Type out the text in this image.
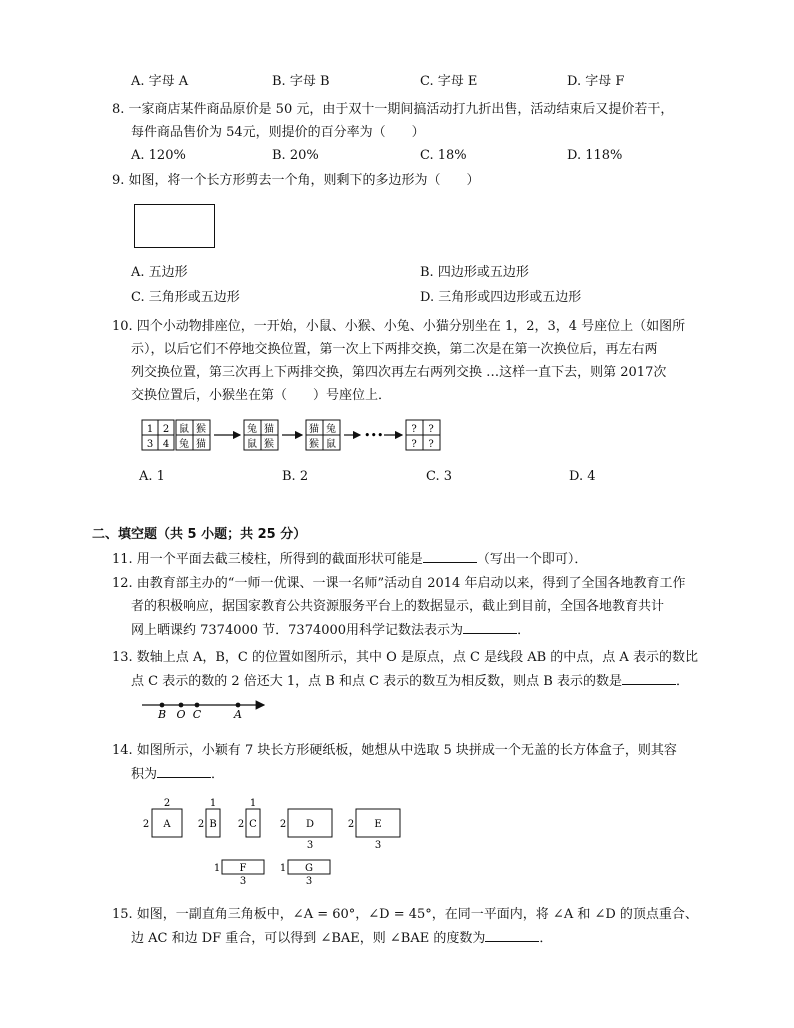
A. 字母 A	B. 字母 B	C. 字母 E	D. 字母 F
8. 一家商店某件商品原价是 50 元，由于双十一期间搞活动打九折出售，活动结束后又提价若干，
每件商品售价为 54元，则提价的百分率为（　　）
A. 120%	B. 20%	C. 18%	D. 118%
9. 如图，将一个长方形剪去一个角，则剩下的多边形为（　　）
A. 五边形	B. 四边形或五边形
C. 三角形或五边形	D. 三角形或四边形或五边形
10. 四个小动物排座位，一开始，小鼠、小猴、小兔、小猫分别坐在 1，2，3，4 号座位上（如图所
示），以后它们不停地交换位置，第一次上下两排交换，第二次是在第一次换位后，再左右两
列交换位置，第三次再上下两排交换，第四次再左右两列交换 …这样一直下去，则第 2017次
交换位置后，小猴坐在第（　　）号座位上．
1 2
3 4
鼠 猴
兔 猫
兔 猫
鼠 猴
猫 兔
猴 鼠
•••	? ?
? ?
A. 1	B. 2	C. 3	D. 4
二、填空题（共 5 小题；共 25 分）
11. 用一个平面去截三棱柱，所得到的截面形状可能是	（写出一个即可）．
12. 由教育部主办的“一师一优课、一课一名师”活动自 2014 年启动以来，得到了全国各地教育工作
者的积极响应，据国家教育公共资源服务平台上的数据显示，截止到目前，全国各地教育共计
网上晒课约 7374000 节．7374000用科学记数法表示为	．
13. 数轴上点 A，B，C 的位置如图所示，其中 O 是原点，点 C 是线段 AB 的中点，点 A 表示的数比
点 C 表示的数的 2 倍还大 1，点 B 和点 C 表示的数互为相反数，则点 B 表示的数是	．
B O C	A
14. 如图所示，小颖有 7 块长方形硬纸板，她想从中选取 5 块拼成一个无盖的长方体盒子，则其容
积为	．
A
2
2	B
1
2	C
1
2	D
3
2	E
3
2
F
3
1	G
3
1
15. 如图，一副直角三角板中，∠A = 60°，∠D = 45°，在同一平面内，将 ∠A 和 ∠D 的顶点重合、
边 AC 和边 DF 重合，可以得到 ∠BAE，则 ∠BAE 的度数为	．
